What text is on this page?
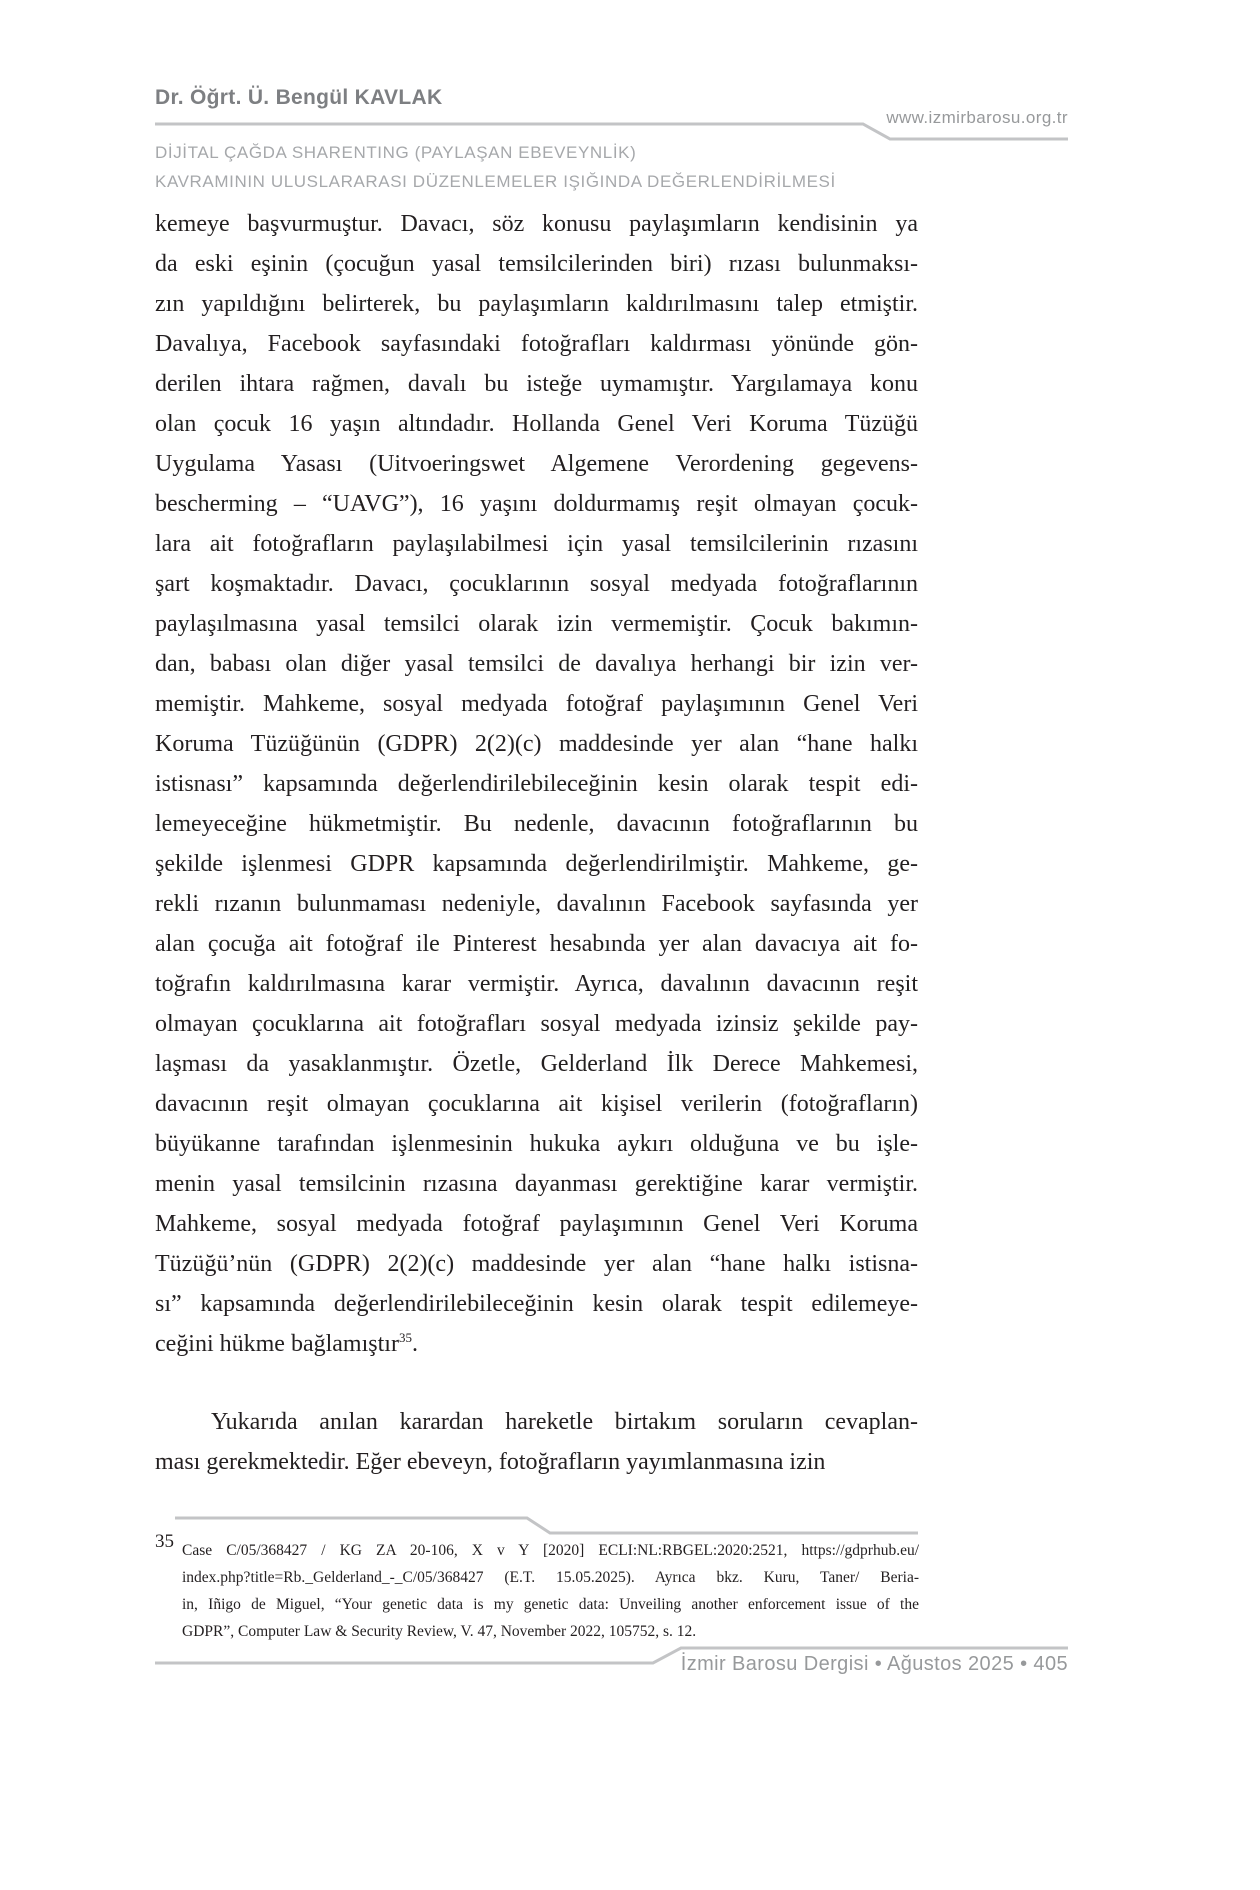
Dr. Öğrt. Ü. Bengül KAVLAK
www.izmirbarosu.org.tr
DİJİTAL ÇAĞDA SHARENTING (PAYLAŞAN EBEVEYNLİK)
KAVRAMININ ULUSLARARASI DÜZENLEMELER IŞIĞINDA DEĞERLENDİRİLMESİ
kemeye başvurmuştur. Davacı, söz konusu paylaşımların kendisinin ya
da eski eşinin (çocuğun yasal temsilcilerinden biri) rızası bulunmaksı-
zın yapıldığını belirterek, bu paylaşımların kaldırılmasını talep etmiştir.
Davalıya, Facebook sayfasındaki fotoğrafları kaldırması yönünde gön-
derilen ihtara rağmen, davalı bu isteğe uymamıştır. Yargılamaya konu
olan çocuk 16 yaşın altındadır. Hollanda Genel Veri Koruma Tüzüğü
Uygulama Yasası (Uitvoeringswet Algemene Verordening gegevens-
bescherming – “UAVG”), 16 yaşını doldurmamış reşit olmayan çocuk-
lara ait fotoğrafların paylaşılabilmesi için yasal temsilcilerinin rızasını
şart koşmaktadır. Davacı, çocuklarının sosyal medyada fotoğraflarının
paylaşılmasına yasal temsilci olarak izin vermemiştir. Çocuk bakımın-
dan, babası olan diğer yasal temsilci de davalıya herhangi bir izin ver-
memiştir. Mahkeme, sosyal medyada fotoğraf paylaşımının Genel Veri
Koruma Tüzüğünün (GDPR) 2(2)(c) maddesinde yer alan “hane halkı
istisnası” kapsamında değerlendirilebileceğinin kesin olarak tespit edi-
lemeyeceğine hükmetmiştir. Bu nedenle, davacının fotoğraflarının bu
şekilde işlenmesi GDPR kapsamında değerlendirilmiştir. Mahkeme, ge-
rekli rızanın bulunmaması nedeniyle, davalının Facebook sayfasında yer
alan çocuğa ait fotoğraf ile Pinterest hesabında yer alan davacıya ait fo-
toğrafın kaldırılmasına karar vermiştir. Ayrıca, davalının davacının reşit
olmayan çocuklarına ait fotoğrafları sosyal medyada izinsiz şekilde pay-
laşması da yasaklanmıştır. Özetle, Gelderland İlk Derece Mahkemesi,
davacının reşit olmayan çocuklarına ait kişisel verilerin (fotoğrafların)
büyükanne tarafından işlenmesinin hukuka aykırı olduğuna ve bu işle-
menin yasal temsilcinin rızasına dayanması gerektiğine karar vermiştir.
Mahkeme, sosyal medyada fotoğraf paylaşımının Genel Veri Koruma
Tüzüğü’nün (GDPR) 2(2)(c) maddesinde yer alan “hane halkı istisna-
sı” kapsamında değerlendirilebileceğinin kesin olarak tespit edilemeye-
ceğini hükme bağlamıştır$^{35}$.
Yukarıda anılan karardan hareketle birtakım soruların cevaplan-
ması gerekmektedir. Eğer ebeveyn, fotoğrafların yayımlanmasına izin
35 Case C/05/368427 / KG ZA 20-106, X v Y [2020] ECLI:NL:RBGEL:2020:2521, https://gdprhub.eu/
index.php?title=Rb._Gelderland_-_C/05/368427 (E.T. 15.05.2025). Ayrıca bkz. Kuru, Taner/ Beria-
in, Iñigo de Miguel, “Your genetic data is my genetic data: Unveiling another enforcement issue of the
GDPR”, Computer Law & Security Review, V. 47, November 2022, 105752, s. 12.
İzmir Barosu Dergisi • Ağustos 2025 • 405
